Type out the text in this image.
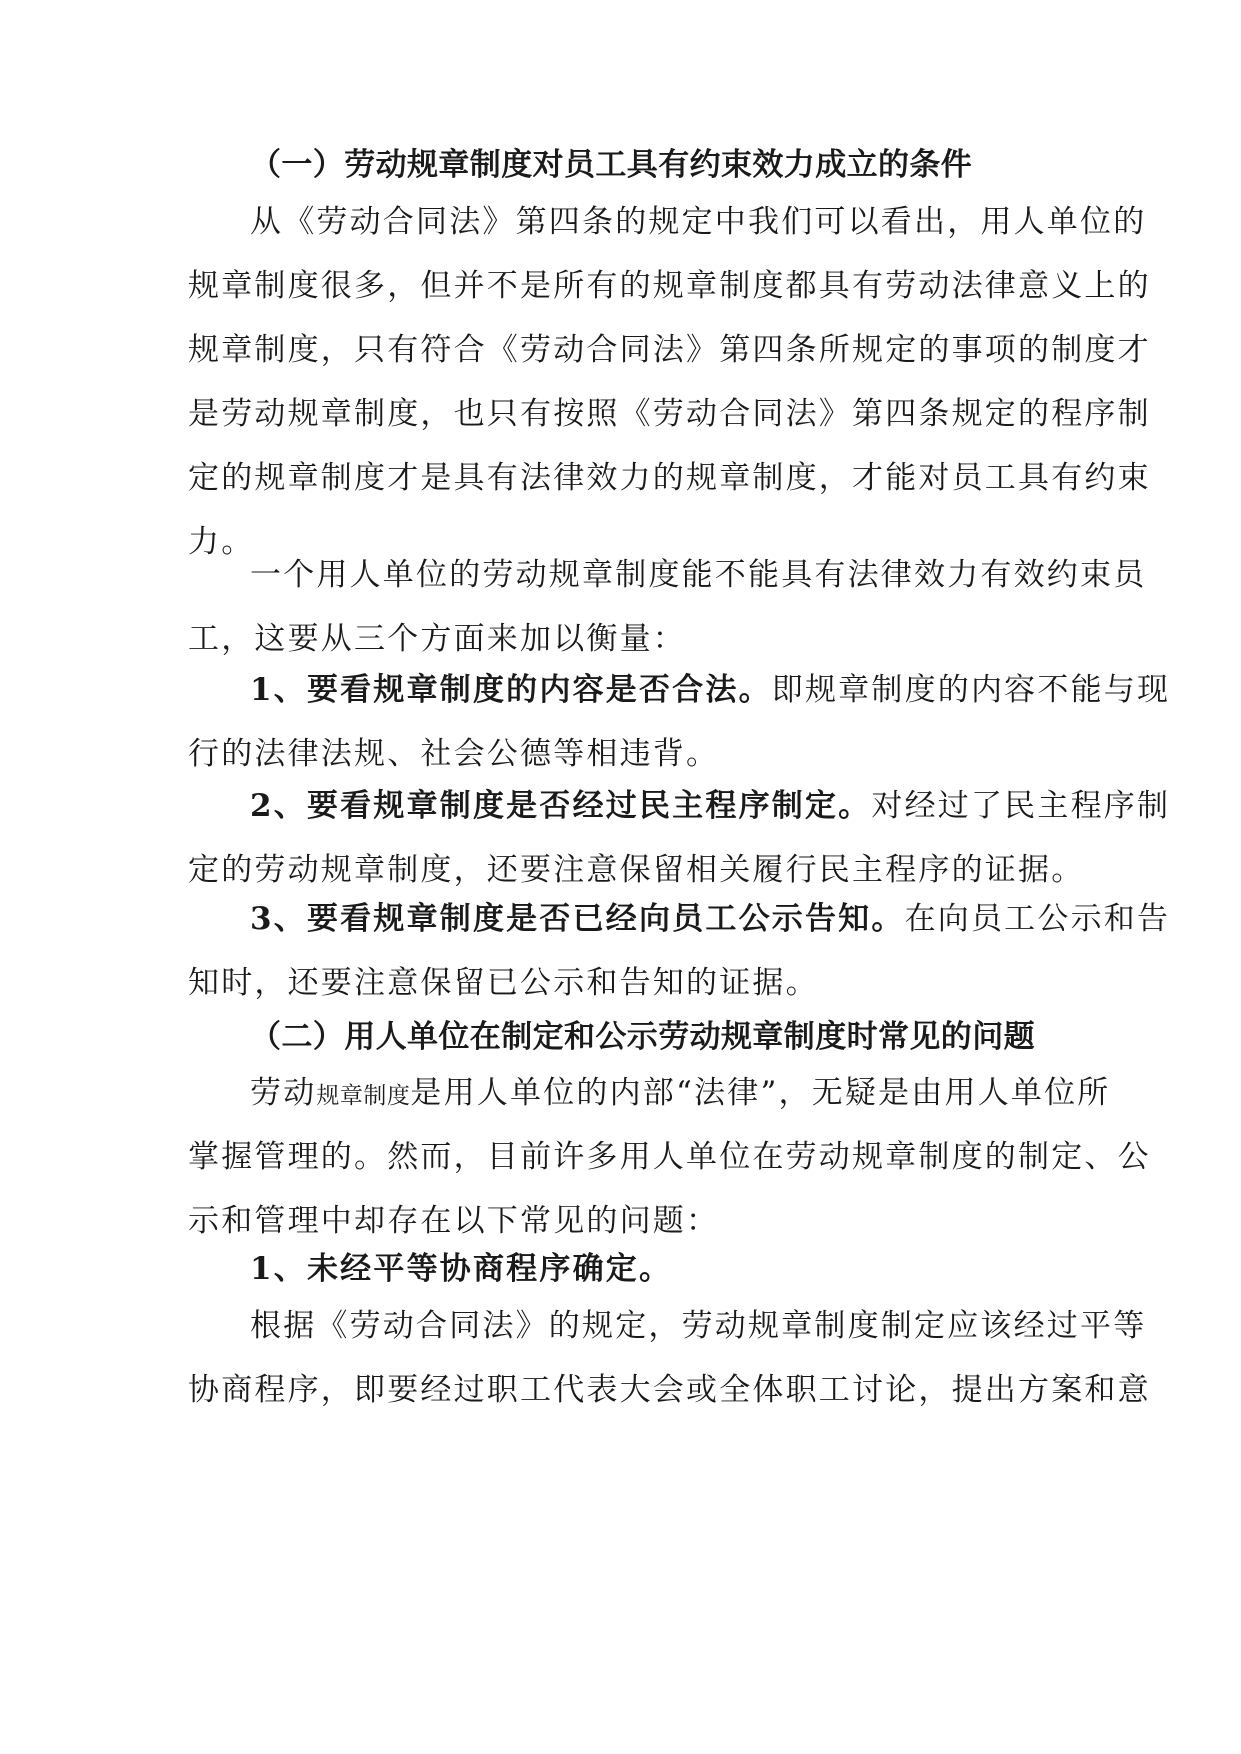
（一）劳动规章制度对员工具有约束效力成立的条件
从《劳动合同法》第四条的规定中我们可以看出，用人单位的
规章制度很多，但并不是所有的规章制度都具有劳动法律意义上的
规章制度，只有符合《劳动合同法》第四条所规定的事项的制度才
是劳动规章制度，也只有按照《劳动合同法》第四条规定的程序制
定的规章制度才是具有法律效力的规章制度，才能对员工具有约束
力。
一个用人单位的劳动规章制度能不能具有法律效力有效约束员
工，这要从三个方面来加以衡量：
1、要看规章制度的内容是否合法。即规章制度的内容不能与现
行的法律法规、社会公德等相违背。
2、要看规章制度是否经过民主程序制定。对经过了民主程序制
定的劳动规章制度，还要注意保留相关履行民主程序的证据。
3、要看规章制度是否已经向员工公示告知。在向员工公示和告
知时，还要注意保留已公示和告知的证据。
（二）用人单位在制定和公示劳动规章制度时常见的问题
劳动规章制度是用人单位的内部“法律”，无疑是由用人单位所
掌握管理的。然而，目前许多用人单位在劳动规章制度的制定、公
示和管理中却存在以下常见的问题：
1、未经平等协商程序确定。
根据《劳动合同法》的规定，劳动规章制度制定应该经过平等
协商程序，即要经过职工代表大会或全体职工讨论，提出方案和意
